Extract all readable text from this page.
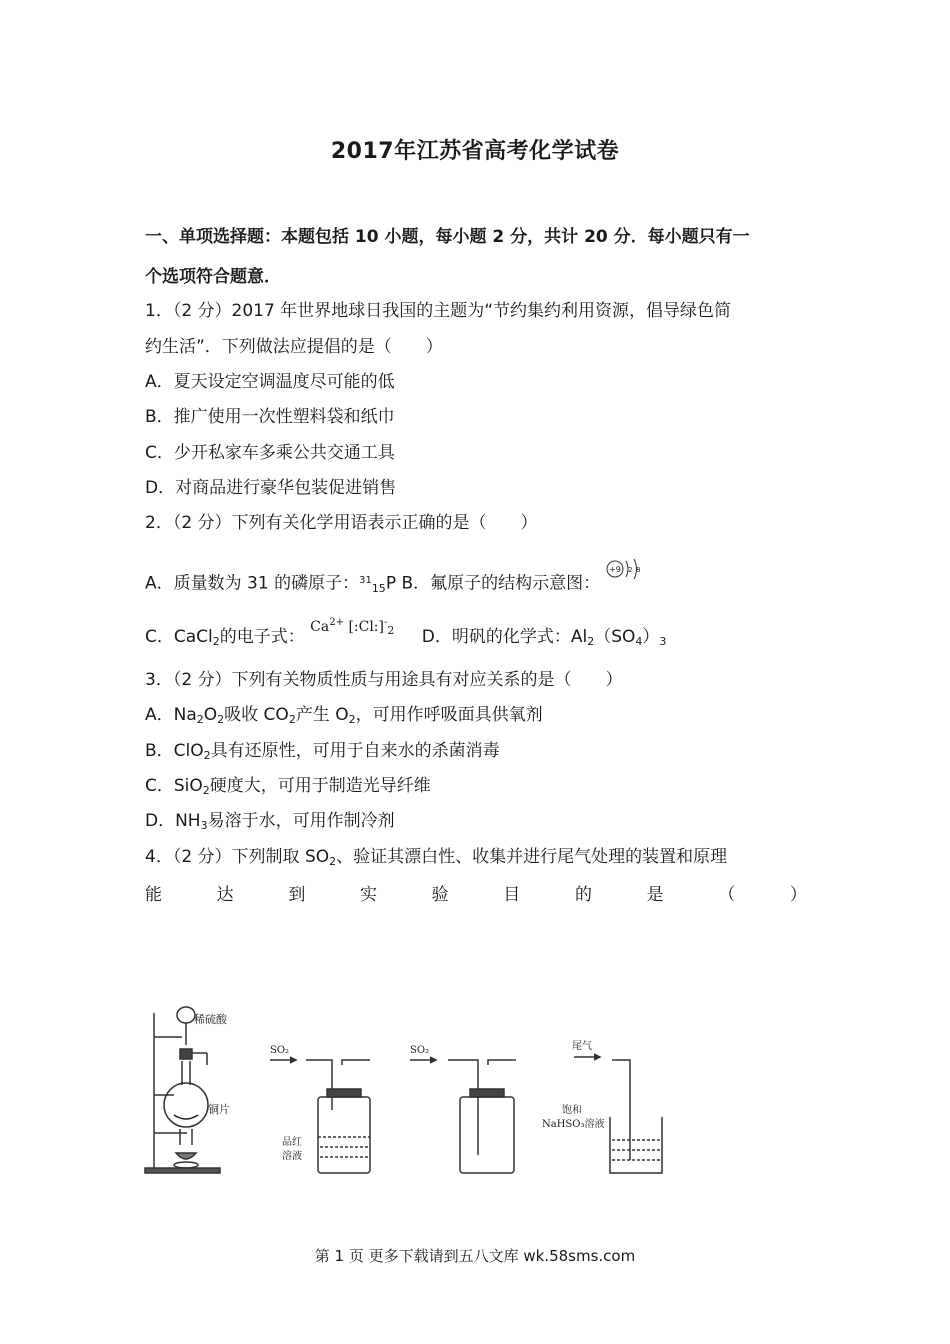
2017年江苏省高考化学试卷
一、单项选择题：本题包括 10 小题，每小题 2 分，共计 20 分．每小题只有一
个选项符合题意．
1．（2 分）2017 年世界地球日我国的主题为“节约集约利用资源，倡导绿色简
约生活”．下列做法应提倡的是（　　）
A．夏天设定空调温度尽可能的低
B．推广使用一次性塑料袋和纸巾
C．少开私家车多乘公共交通工具
D．对商品进行豪华包装促进销售
2．（2 分）下列有关化学用语表示正确的是（　　）
A．质量数为 31 的磷原子：$^{31}_{15}$P B．氟原子的结构示意图：
+9 2 8
C．CaCl$_2$的电子式： $Ca^{2+}$ $[:Cl:]^-_2$ D．明矾的化学式：$Al_2(SO_4)_3$
3．（2 分）下列有关物质性质与用途具有对应关系的是（　　）
A．$Na_2O_2$吸收 $CO_2$产生 $O_2$，可用作呼吸面具供氧剂
B．ClO$_2$具有还原性，可用于自来水的杀菌消毒
C．SiO$_2$硬度大，可用于制造光导纤维
D．$NH_3$易溶于水，可用作制冷剂
4．（2 分）下列制取 $SO_2$、验证其漂白性、收集并进行尾气处理的装置和原理
能	达	到	实	验	目	的	是	（	）
稀硫酸
铜片
SO₂
品红
溶液
SO₂	尾气
饱和
NaHSO₃溶液
第 1 页 更多下载请到五八文库 wk.58sms.com
